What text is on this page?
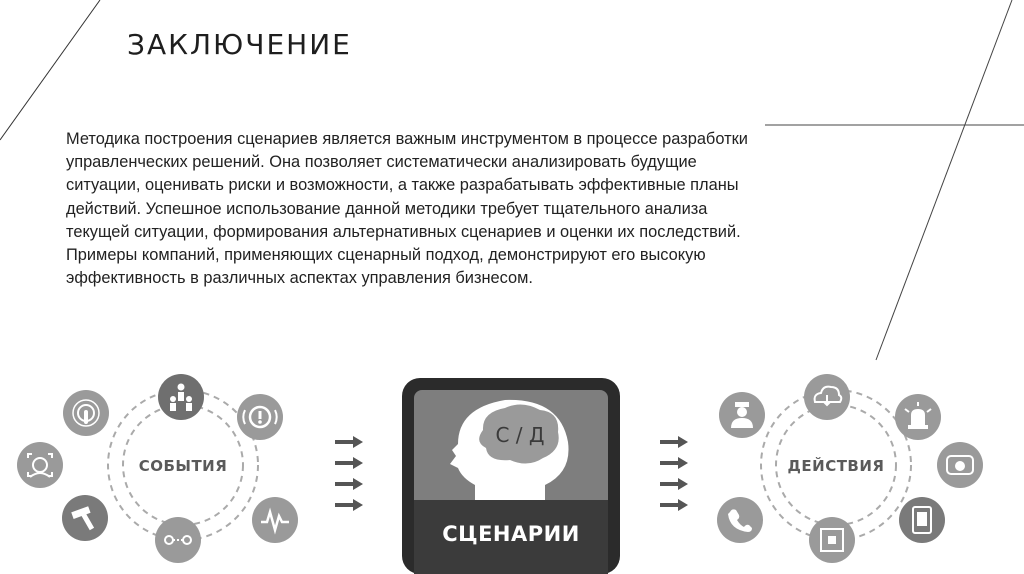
ЗАКЛЮЧЕНИЕ

Методика построения сценариев является важным инструментом в процессе разработки управленческих решений. Она позволяет систематически анализировать будущие ситуации, оценивать риски и возможности, а также разрабатывать эффективные планы действий. Успешное использование данной методики требует тщательного анализа текущей ситуации, формирования альтернативных сценариев и оценки их последствий. Примеры компаний, применяющих сценарный подход, демонстрируют его высокую эффективность в различных аспектах управления бизнесом.

СОБЫТИЯ
С / Д
СЦЕНАРИИ
ДЕЙСТВИЯ
